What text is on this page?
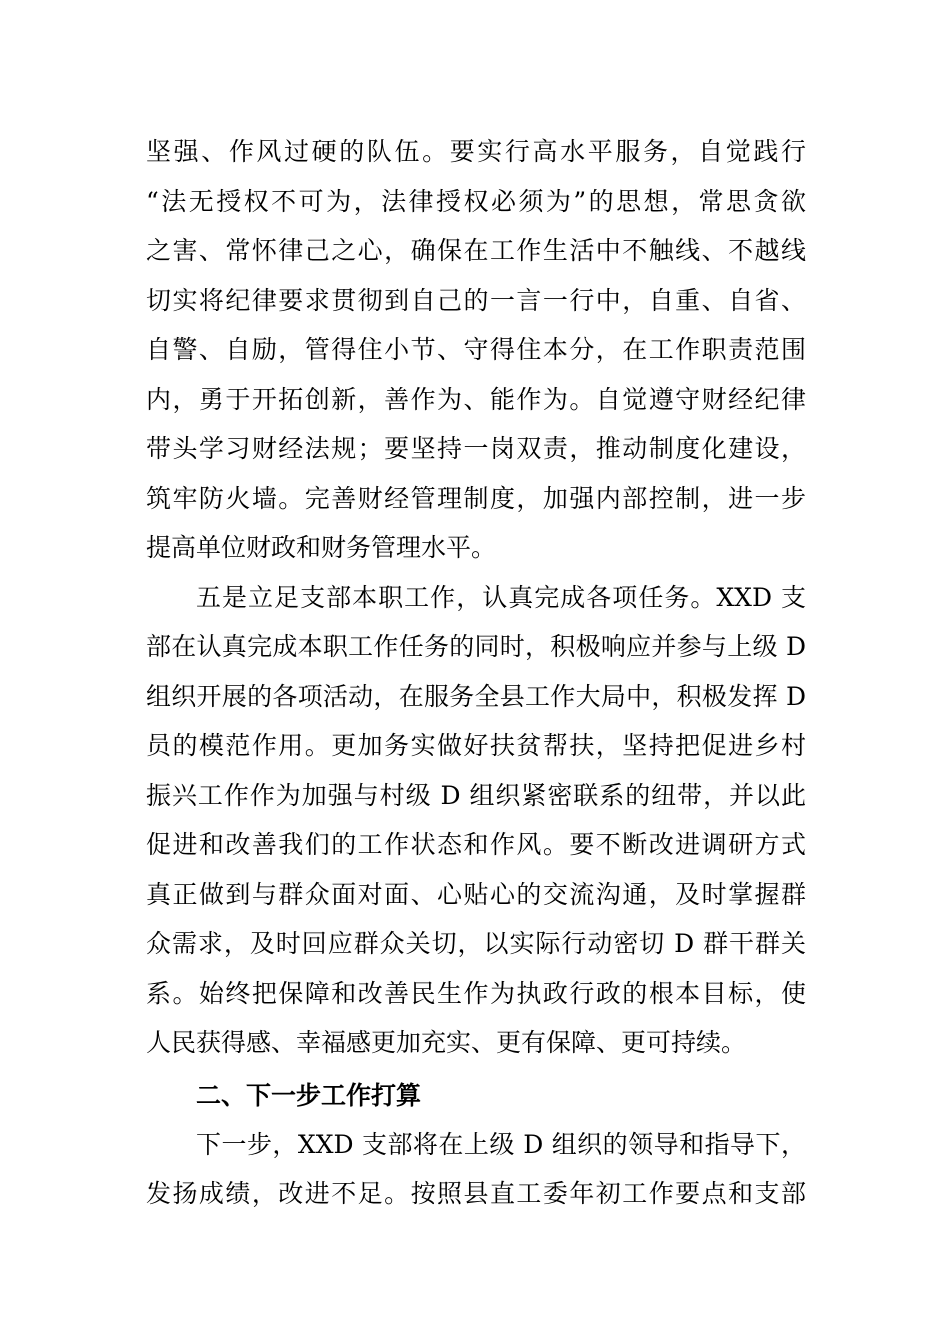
坚强、作风过硬的队伍。要实行高水平服务，自觉践行
“法无授权不可为，法律授权必须为”的思想，常思贪欲
之害、常怀律己之心，确保在工作生活中不触线、不越线
切实将纪律要求贯彻到自己的一言一行中，自重、自省、
自警、自励，管得住小节、守得住本分，在工作职责范围
内，勇于开拓创新，善作为、能作为。自觉遵守财经纪律
带头学习财经法规；要坚持一岗双责，推动制度化建设，
筑牢防火墙。完善财经管理制度，加强内部控制，进一步
提高单位财政和财务管理水平。
五是立足支部本职工作，认真完成各项任务。XXD 支
部在认真完成本职工作任务的同时，积极响应并参与上级 D
组织开展的各项活动，在服务全县工作大局中，积极发挥 D
员的模范作用。更加务实做好扶贫帮扶，坚持把促进乡村
振兴工作作为加强与村级 D 组织紧密联系的纽带，并以此
促进和改善我们的工作状态和作风。要不断改进调研方式
真正做到与群众面对面、心贴心的交流沟通，及时掌握群
众需求，及时回应群众关切，以实际行动密切 D 群干群关
系。始终把保障和改善民生作为执政行政的根本目标，使
人民获得感、幸福感更加充实、更有保障、更可持续。
二、下一步工作打算
下一步，XXD 支部将在上级 D 组织的领导和指导下，
发扬成绩，改进不足。按照县直工委年初工作要点和支部
